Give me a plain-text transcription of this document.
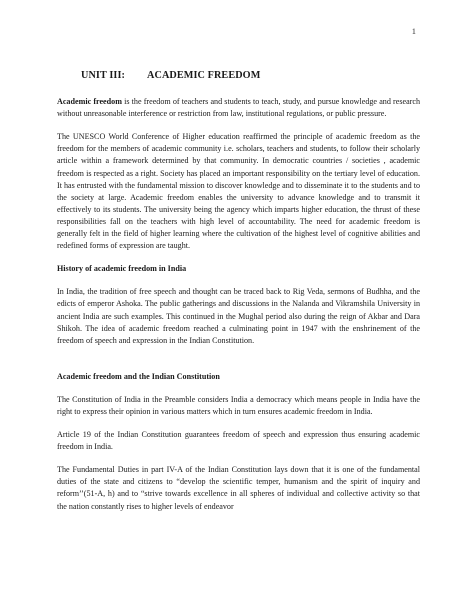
1
UNIT III: ACADEMIC FREEDOM

Academic freedom is the freedom of teachers and students to teach, study, and pursue knowledge and research without unreasonable interference or restriction from law, institutional regulations, or public pressure.

The UNESCO World Conference of Higher education reaffirmed the principle of academic freedom as the freedom for the members of academic community i.e. scholars, teachers and students, to follow their scholarly article within a framework determined by that community. In democratic countries / societies , academic freedom is respected as a right. Society has placed an important responsibility on the tertiary level of education. It has entrusted with the fundamental mission to discover knowledge and to disseminate it to the students and to the society at large. Academic freedom enables the university to advance knowledge and to transmit it effectively to its students. The university being the agency which imparts higher education, the thrust of these responsibilities fall on the teachers with high level of accountability. The need for academic freedom is generally felt in the field of higher learning where the cultivation of the highest level of cognitive abilities and redefined forms of expression are taught.

History of academic freedom in India

In India, the tradition of free speech and thought can be traced back to Rig Veda, sermons of Budhha, and the edicts of emperor Ashoka. The public gatherings and discussions in the Nalanda and Vikramshila University in ancient India are such examples. This continued in the Mughal period also during the reign of Akbar and Dara Shikoh. The idea of academic freedom reached a culminating point in 1947 with the enshrinement of the freedom of speech and expression in the Indian Constitution.

Academic freedom and the Indian Constitution

The Constitution of India in the Preamble considers India a democracy which means people in India have the right to express their opinion in various matters which in turn ensures academic freedom in India.

Article 19 of the Indian Constitution guarantees freedom of speech and expression thus ensuring academic freedom in India.

The Fundamental Duties in part IV-A of the Indian Constitution lays down that it is one of the fundamental duties of the state and citizens to “develop the scientific temper, humanism and the spirit of inquiry and reform’’(51-A, h) and to “strive towards excellence in all spheres of individual and collective activity so that the nation constantly rises to higher levels of endeavor
